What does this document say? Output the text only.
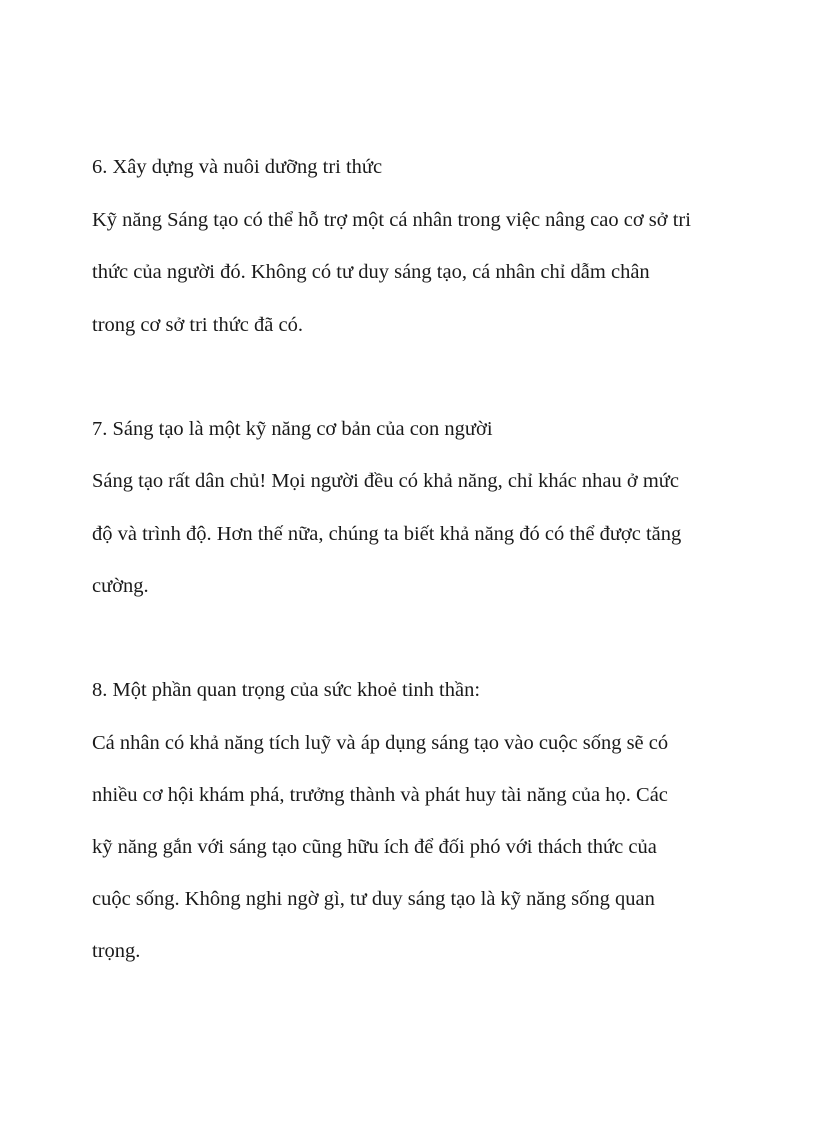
6. Xây dựng và nuôi dưỡng tri thức

Kỹ năng Sáng tạo có thể hỗ trợ một cá nhân trong việc nâng cao cơ sở tri

thức của người đó. Không có tư duy sáng tạo, cá nhân chỉ dẫm chân

trong cơ sở tri thức đã có.

7. Sáng tạo là một kỹ năng cơ bản của con người

Sáng tạo rất dân chủ! Mọi người đều có khả năng, chỉ khác nhau ở mức

độ và trình độ. Hơn thế nữa, chúng ta biết khả năng đó có thể được tăng

cường.

8. Một phần quan trọng của sức khoẻ tinh thần:

Cá nhân có khả năng tích luỹ và áp dụng sáng tạo vào cuộc sống sẽ có

nhiều cơ hội khám phá, trưởng thành và phát huy tài năng của họ. Các

kỹ năng gắn với sáng tạo cũng hữu ích để đối phó với thách thức của

cuộc sống. Không nghi ngờ gì, tư duy sáng tạo là kỹ năng sống quan

trọng.
